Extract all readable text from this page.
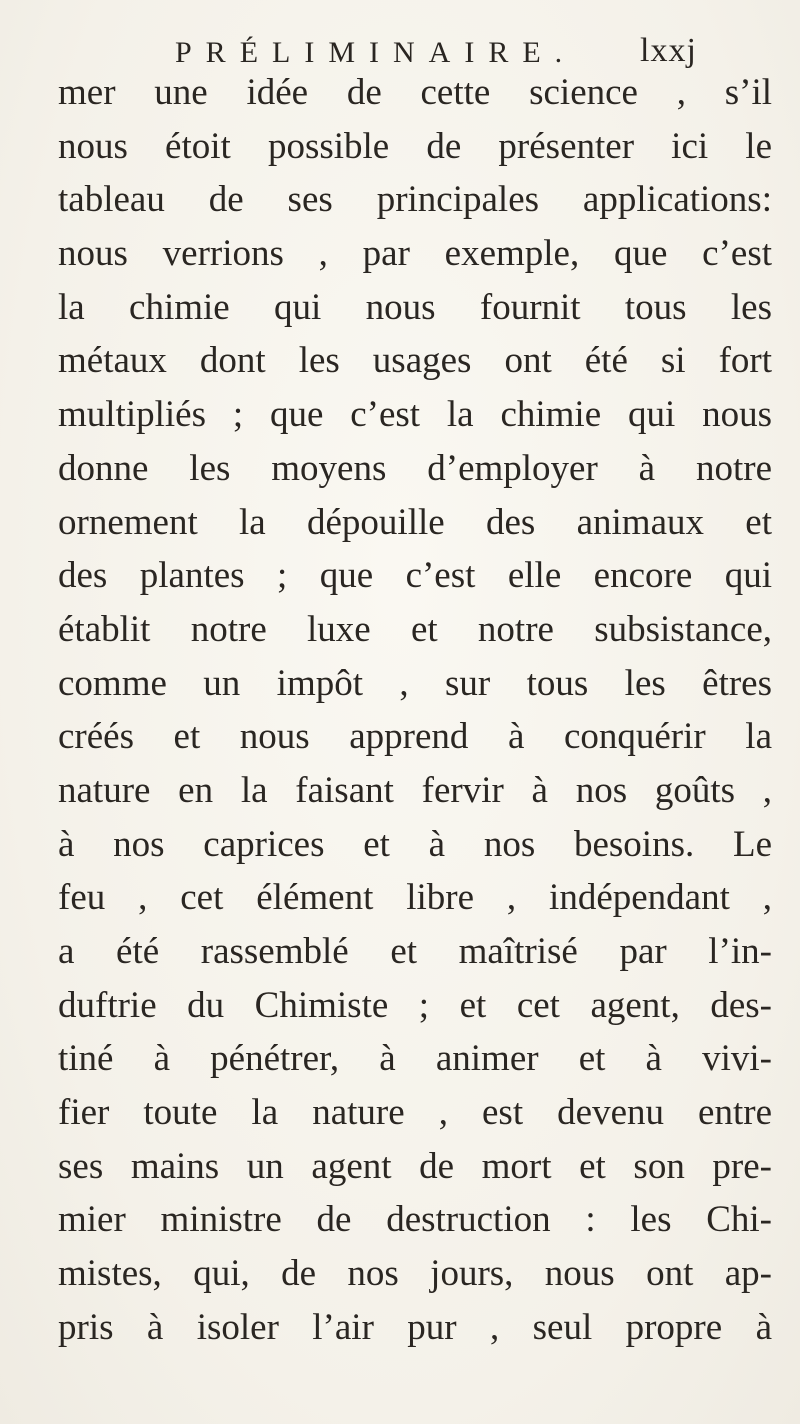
PRÉLIMINAIRE. lxxj
mer une idée de cette science , s’il
nous étoit possible de présenter ici le
tableau de ses principales applications:
nous verrions , par exemple, que c’est
la chimie qui nous fournit tous les
métaux dont les usages ont été si fort
multipliés ; que c’est la chimie qui nous
donne les moyens d’employer à notre
ornement la dépouille des animaux et
des plantes ; que c’est elle encore qui
établit notre luxe et notre subsistance,
comme un impôt , sur tous les êtres
créés et nous apprend à conquérir la
nature en la faisant fervir à nos goûts ,
à nos caprices et à nos besoins. Le
feu , cet élément libre , indépendant ,
a été rassemblé et maîtrisé par l’in-
duftrie du Chimiste ; et cet agent, des-
tiné à pénétrer, à animer et à vivi-
fier toute la nature , est devenu entre
ses mains un agent de mort et son pre-
mier ministre de destruction : les Chi-
mistes, qui, de nos jours, nous ont ap-
pris à isoler l’air pur , seul propre à
